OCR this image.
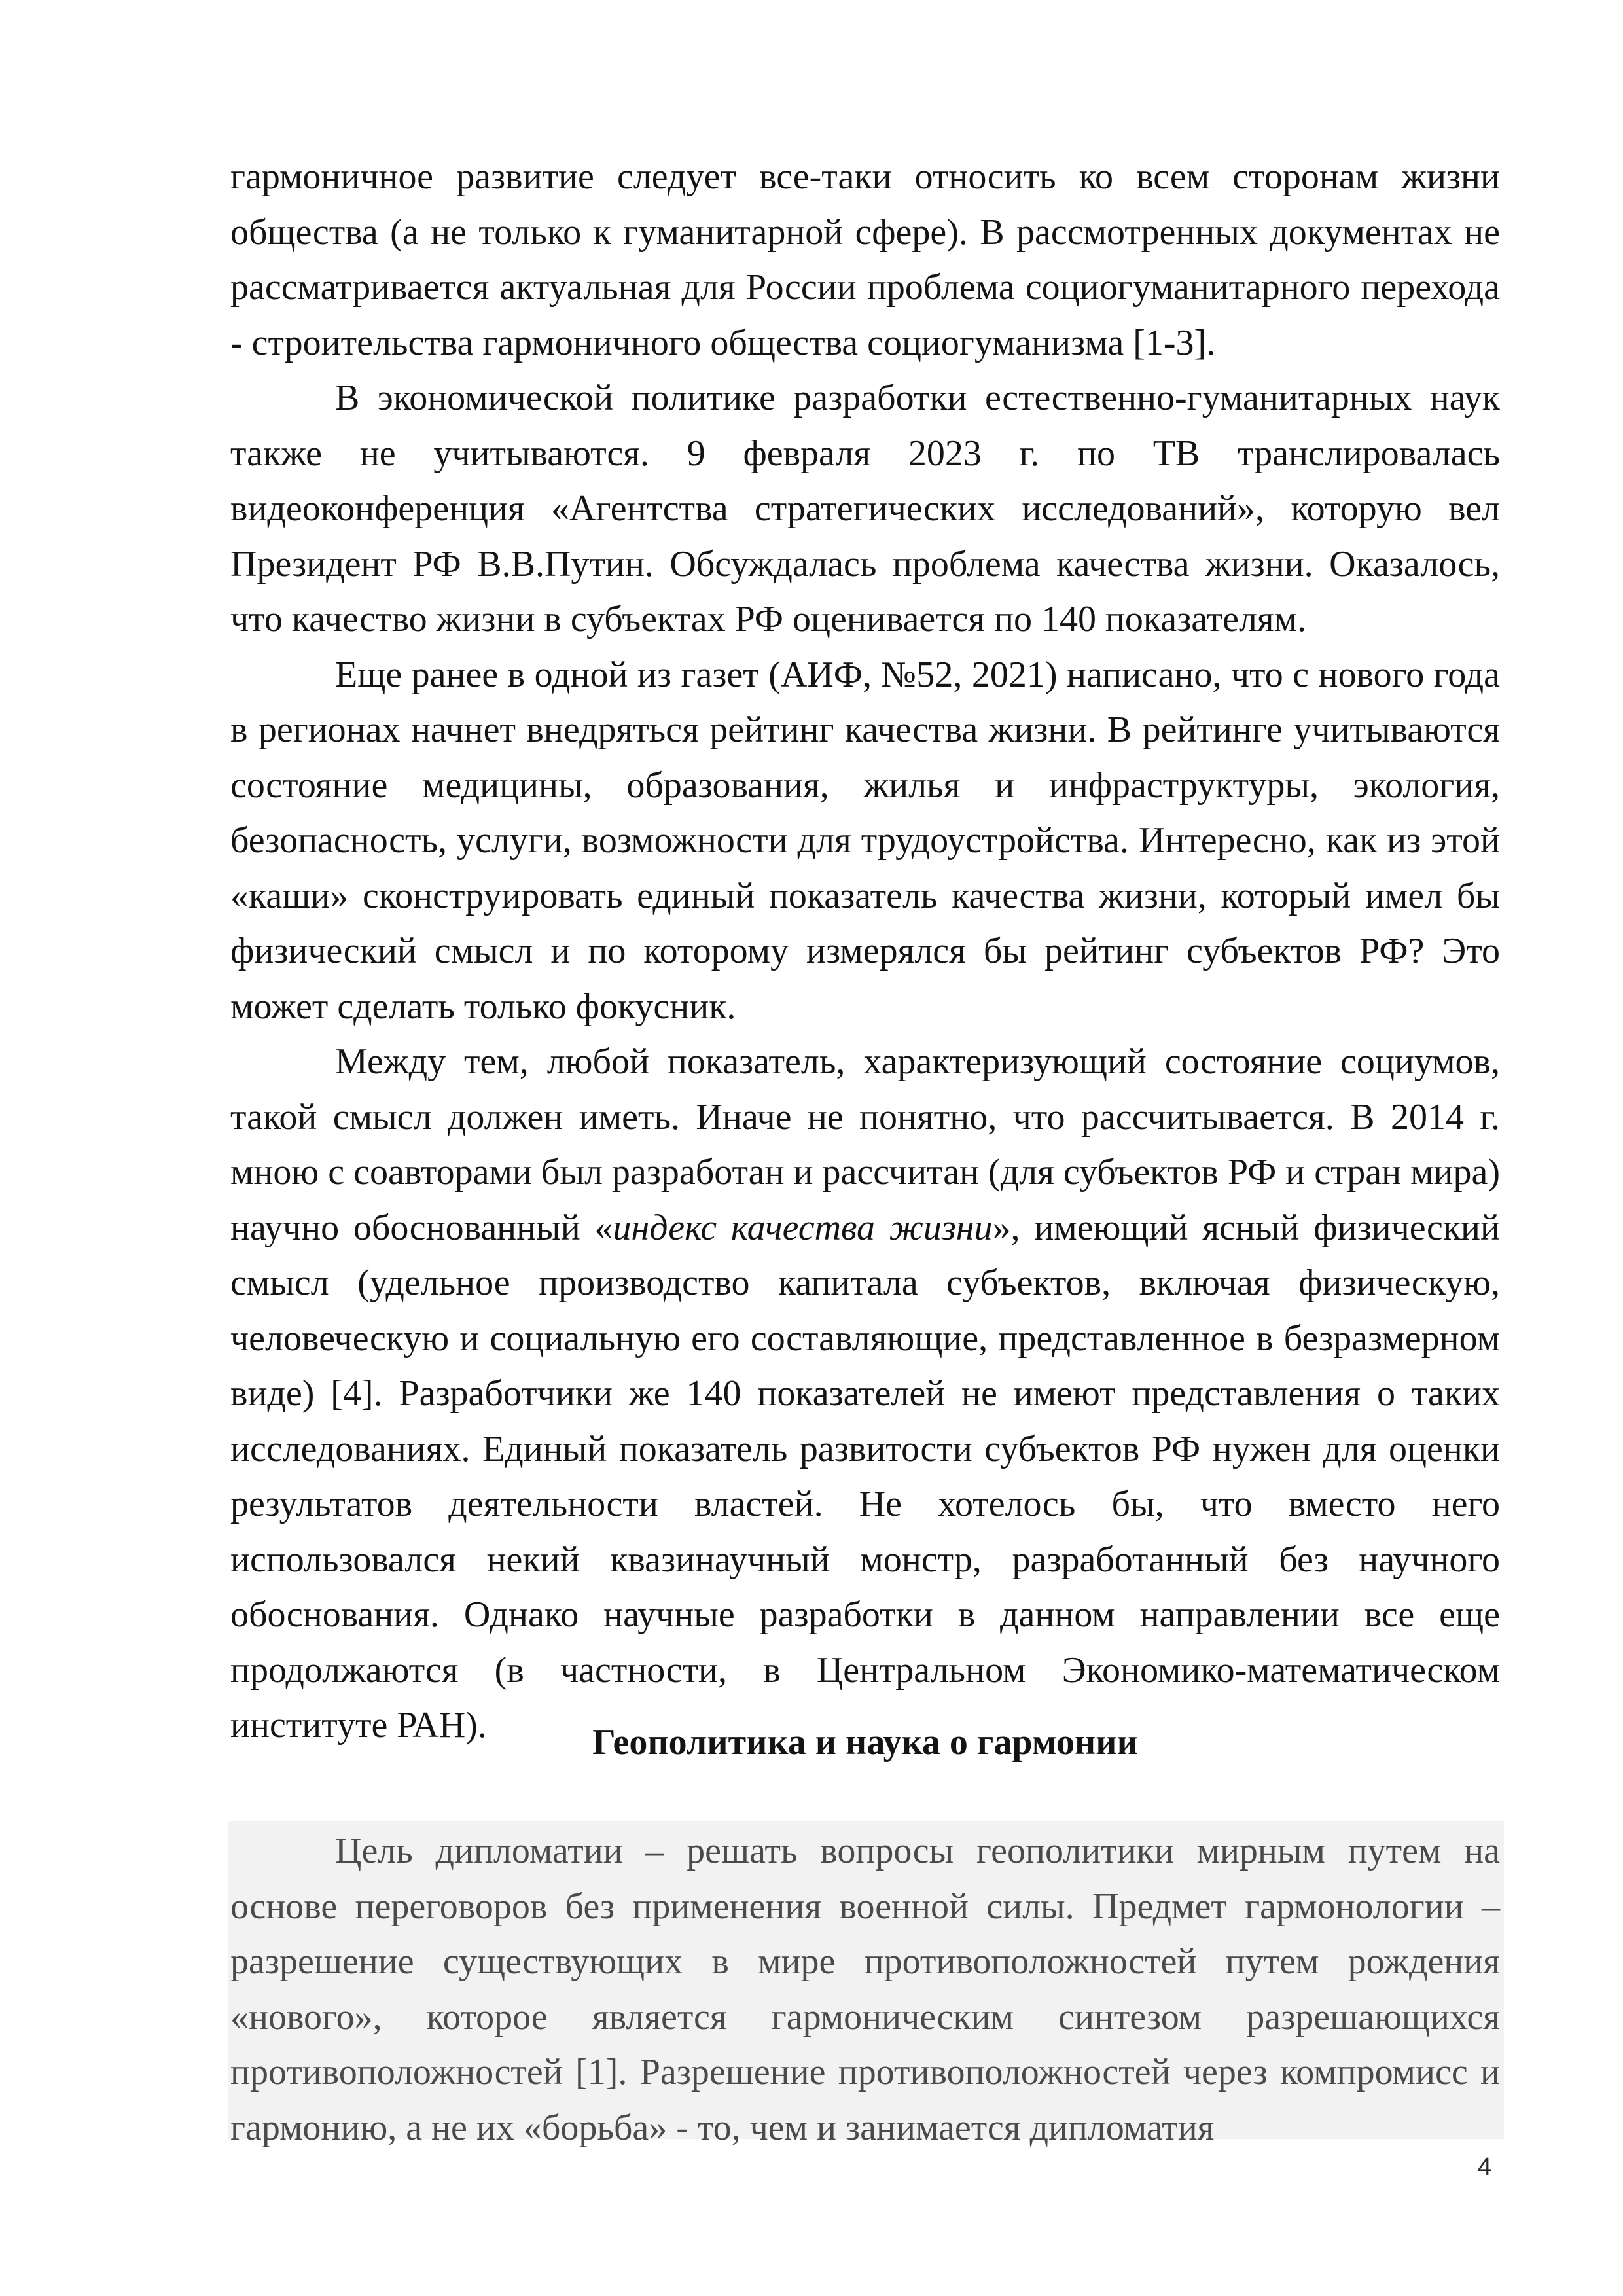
гармоничное развитие следует все-таки относить ко всем сторонам жизни общества (а не только к гуманитарной сфере). В рассмотренных документах не рассматривается актуальная для России проблема социогуманитарного перехода - строительства гармоничного общества социогуманизма [1-3].

В экономической политике разработки естественно-гуманитарных наук также не учитываются. 9 февраля 2023 г. по ТВ транслировалась видеоконференция «Агентства стратегических исследований», которую вел Президент РФ В.В.Путин. Обсуждалась проблема качества жизни. Оказалось, что качество жизни в субъектах РФ оценивается по 140 показателям.

Еще ранее в одной из газет (АИФ, №52, 2021) написано, что с нового года в регионах начнет внедряться рейтинг качества жизни. В рейтинге учитываются состояние медицины, образования, жилья и инфраструктуры, экология, безопасность, услуги, возможности для трудоустройства. Интересно, как из этой «каши» сконструировать единый показатель качества жизни, который имел бы физический смысл и по которому измерялся бы рейтинг субъектов РФ? Это может сделать только фокусник.

Между тем, любой показатель, характеризующий состояние социумов, такой смысл должен иметь. Иначе не понятно, что рассчитывается. В 2014 г. мною с соавторами был разработан и рассчитан (для субъектов РФ и стран мира) научно обоснованный «индекс качества жизни», имеющий ясный физический смысл (удельное производство капитала субъектов, включая физическую, человеческую и социальную его составляющие, представленное в безразмерном виде) [4]. Разработчики же 140 показателей не имеют представления о таких исследованиях. Единый показатель развитости субъектов РФ нужен для оценки результатов деятельности властей. Не хотелось бы, что вместо него использовался некий квазинаучный монстр, разработанный без научного обоснования. Однако научные разработки в данном направлении все еще продолжаются (в частности, в Центральном Экономико-математическом институте РАН).	Геополитика и наука о гармонии

Цель дипломатии – решать вопросы геополитики мирным путем на основе переговоров без применения военной силы. Предмет гармонологии – разрешение существующих в мире противоположностей путем рождения «нового», которое является гармоническим синтезом разрешающихся противоположностей [1]. Разрешение противоположностей через компромисс и гармонию, а не их «борьба» - то, чем и занимается дипломатия

4
